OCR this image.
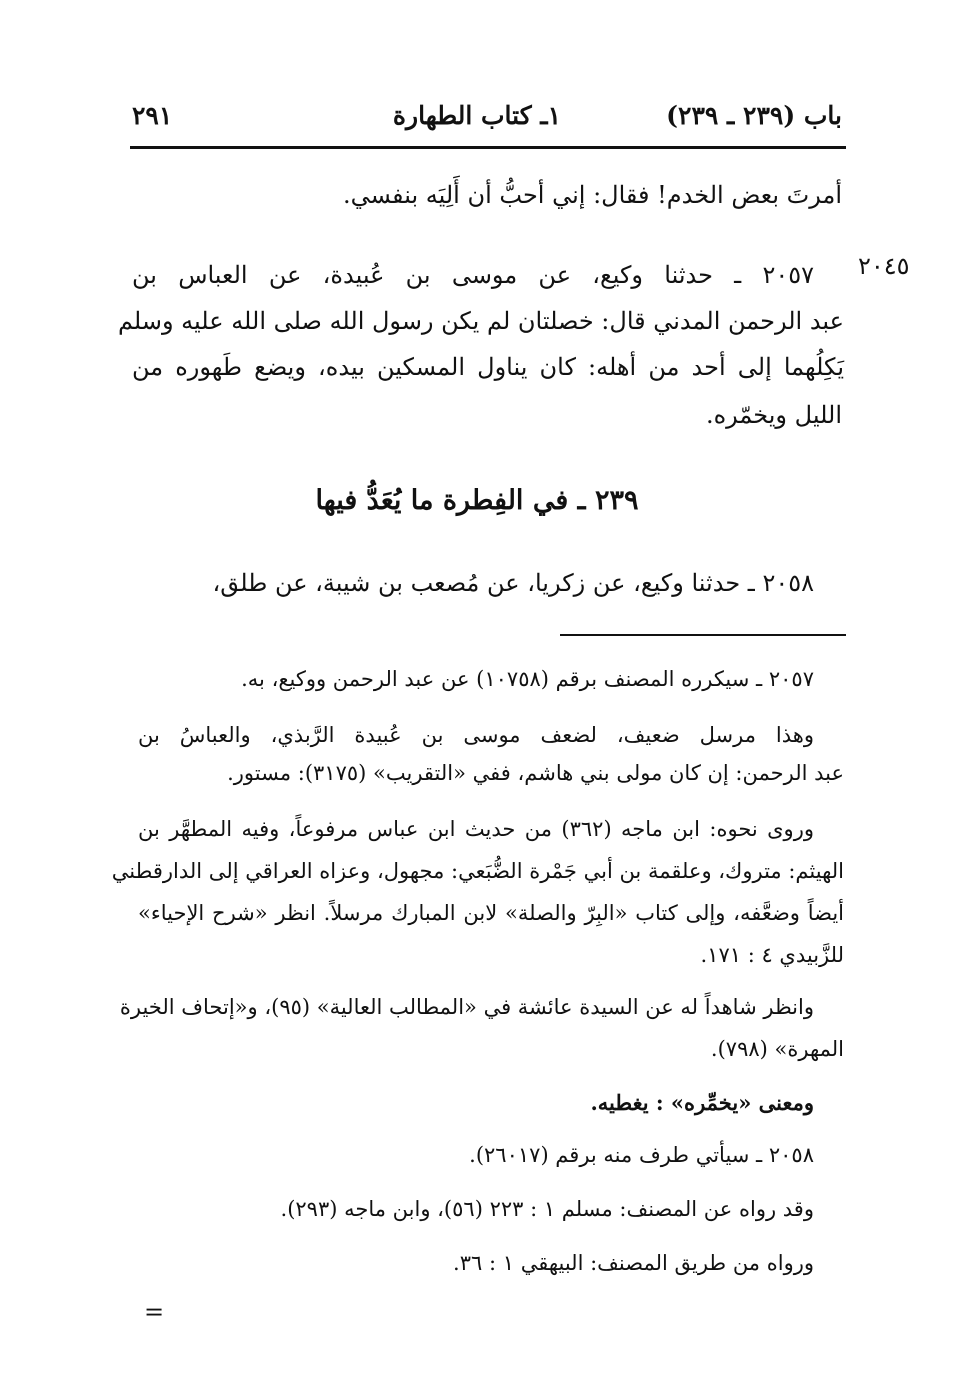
باب (٢٣٩ ـ ٢٣٩)
١ـ كتاب الطهارة
٢٩١
أمرتَ بعض الخدم! فقال: إني أحبُّ أن أَلِيَه بنفسي.
٢٠٤٥
٢٠٥٧ ـ حدثنا وكيع، عن موسى بن عُبيدة، عن العباس بن
عبد الرحمن المدني قال: خصلتان لم يكن رسول الله صلى الله عليه وسلم
يَكِلُهما إلى أحد من أهله: كان يناول المسكين بيده، ويضع طَهوره من
الليل ويخمّره.
٢٣٩ ـ في الفِطرة ما يُعَدُّ فيها
٢٠٥٨ ـ حدثنا وكيع، عن زكريا، عن مُصعب بن شيبة، عن طلق،
٢٠٥٧ ـ سيكرره المصنف برقم (١٠٧٥٨) عن عبد الرحمن ووكيع، به.
وهذا مرسل ضعيف، لضعف موسى بن عُبيدة الرَّبذي، والعباسُ بن
عبد الرحمن: إن كان مولى بني هاشم، ففي «التقريب» (٣١٧٥): مستور.
وروى نحوه: ابن ماجه (٣٦٢) من حديث ابن عباس مرفوعاً، وفيه المطهَّر بن
الهيثم: متروك، وعلقمة بن أبي جَمْرة الضُّبَعي: مجهول، وعزاه العراقي إلى الدارقطني
أيضاً وضعَّفه، وإلى كتاب «البِرّ والصلة» لابن المبارك مرسلاً. انظر «شرح الإحياء»
للزَّبيدي ٤ : ١٧١.
وانظر شاهداً له عن السيدة عائشة في «المطالب العالية» (٩٥)، و«إتحاف الخيرة
المهرة» (٧٩٨).
ومعنى «يخمِّره» : يغطيه.
٢٠٥٨ ـ سيأتي طرف منه برقم (٢٦٠١٧).
وقد رواه عن المصنف: مسلم ١ : ٢٢٣ (٥٦)، وابن ماجه (٢٩٣).
ورواه من طريق المصنف: البيهقي ١ : ٣٦.
=
